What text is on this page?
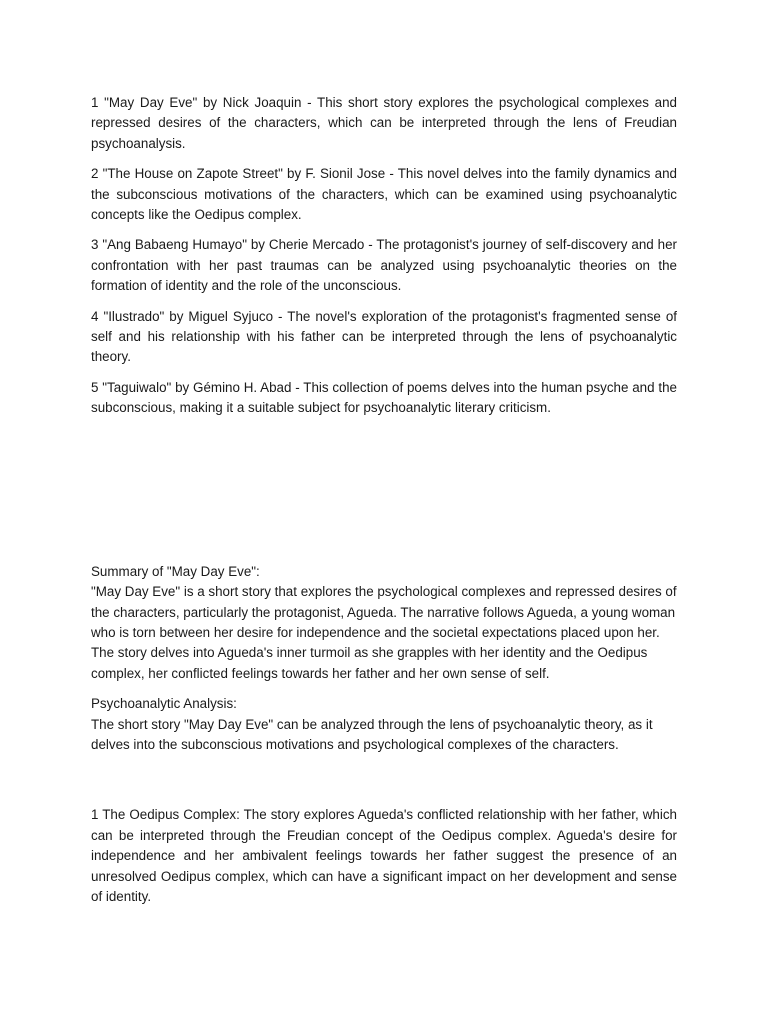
1 "May Day Eve" by Nick Joaquin - This short story explores the psychological complexes and repressed desires of the characters, which can be interpreted through the lens of Freudian psychoanalysis.

2 "The House on Zapote Street" by F. Sionil Jose - This novel delves into the family dynamics and the subconscious motivations of the characters, which can be examined using psychoanalytic concepts like the Oedipus complex.

3 "Ang Babaeng Humayo" by Cherie Mercado - The protagonist's journey of self-discovery and her confrontation with her past traumas can be analyzed using psychoanalytic theories on the formation of identity and the role of the unconscious.

4 "Ilustrado" by Miguel Syjuco - The novel's exploration of the protagonist's fragmented sense of self and his relationship with his father can be interpreted through the lens of psychoanalytic theory.

5 "Taguiwalo" by Gémino H. Abad - This collection of poems delves into the human psyche and the subconscious, making it a suitable subject for psychoanalytic literary criticism.

Summary of "May Day Eve":

"May Day Eve" is a short story that explores the psychological complexes and repressed desires of the characters, particularly the protagonist, Agueda. The narrative follows Agueda, a young woman who is torn between her desire for independence and the societal expectations placed upon her. The story delves into Agueda's inner turmoil as she grapples with her identity and the Oedipus complex, her conflicted feelings towards her father and her own sense of self.

Psychoanalytic Analysis:

The short story "May Day Eve" can be analyzed through the lens of psychoanalytic theory, as it delves into the subconscious motivations and psychological complexes of the characters.

1 The Oedipus Complex: The story explores Agueda's conflicted relationship with her father, which can be interpreted through the Freudian concept of the Oedipus complex. Agueda's desire for independence and her ambivalent feelings towards her father suggest the presence of an unresolved Oedipus complex, which can have a significant impact on her development and sense of identity.
